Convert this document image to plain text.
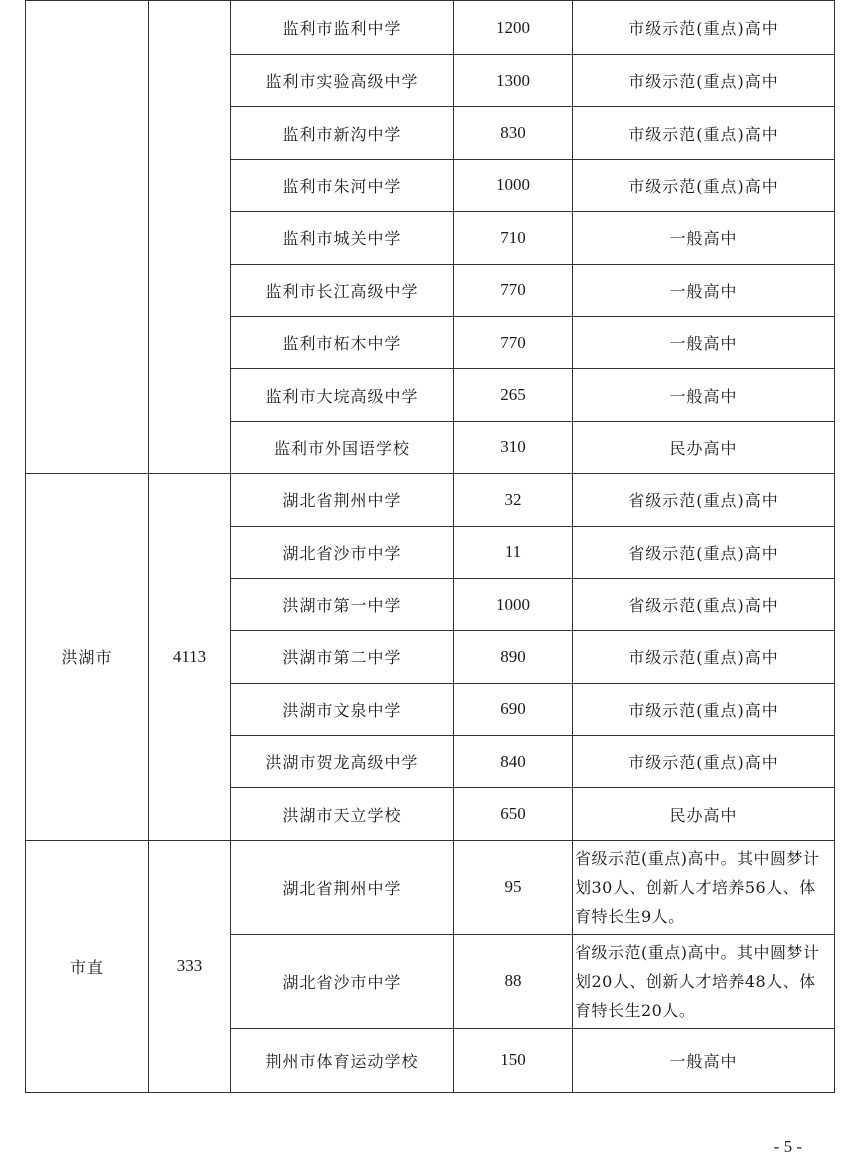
		监利市监利中学	1200	市级示范(重点)高中
		监利市实验高级中学	1300	市级示范(重点)高中
		监利市新沟中学	830	市级示范(重点)高中
		监利市朱河中学	1000	市级示范(重点)高中
		监利市城关中学	710	一般高中
		监利市长江高级中学	770	一般高中
		监利市柘木中学	770	一般高中
		监利市大垸高级中学	265	一般高中
		监利市外国语学校	310	民办高中
洪湖市	4113	湖北省荆州中学	32	省级示范(重点)高中
		湖北省沙市中学	11	省级示范(重点)高中
		洪湖市第一中学	1000	省级示范(重点)高中
		洪湖市第二中学	890	市级示范(重点)高中
		洪湖市文泉中学	690	市级示范(重点)高中
		洪湖市贺龙高级中学	840	市级示范(重点)高中
		洪湖市天立学校	650	民办高中
市直	333	湖北省荆州中学	95	省级示范(重点)高中。其中圆梦计划30人、创新人才培养56人、体育特长生9人。
		湖北省沙市中学	88	省级示范(重点)高中。其中圆梦计划20人、创新人才培养48人、体育特长生20人。
		荆州市体育运动学校	150	一般高中
- 5 -
